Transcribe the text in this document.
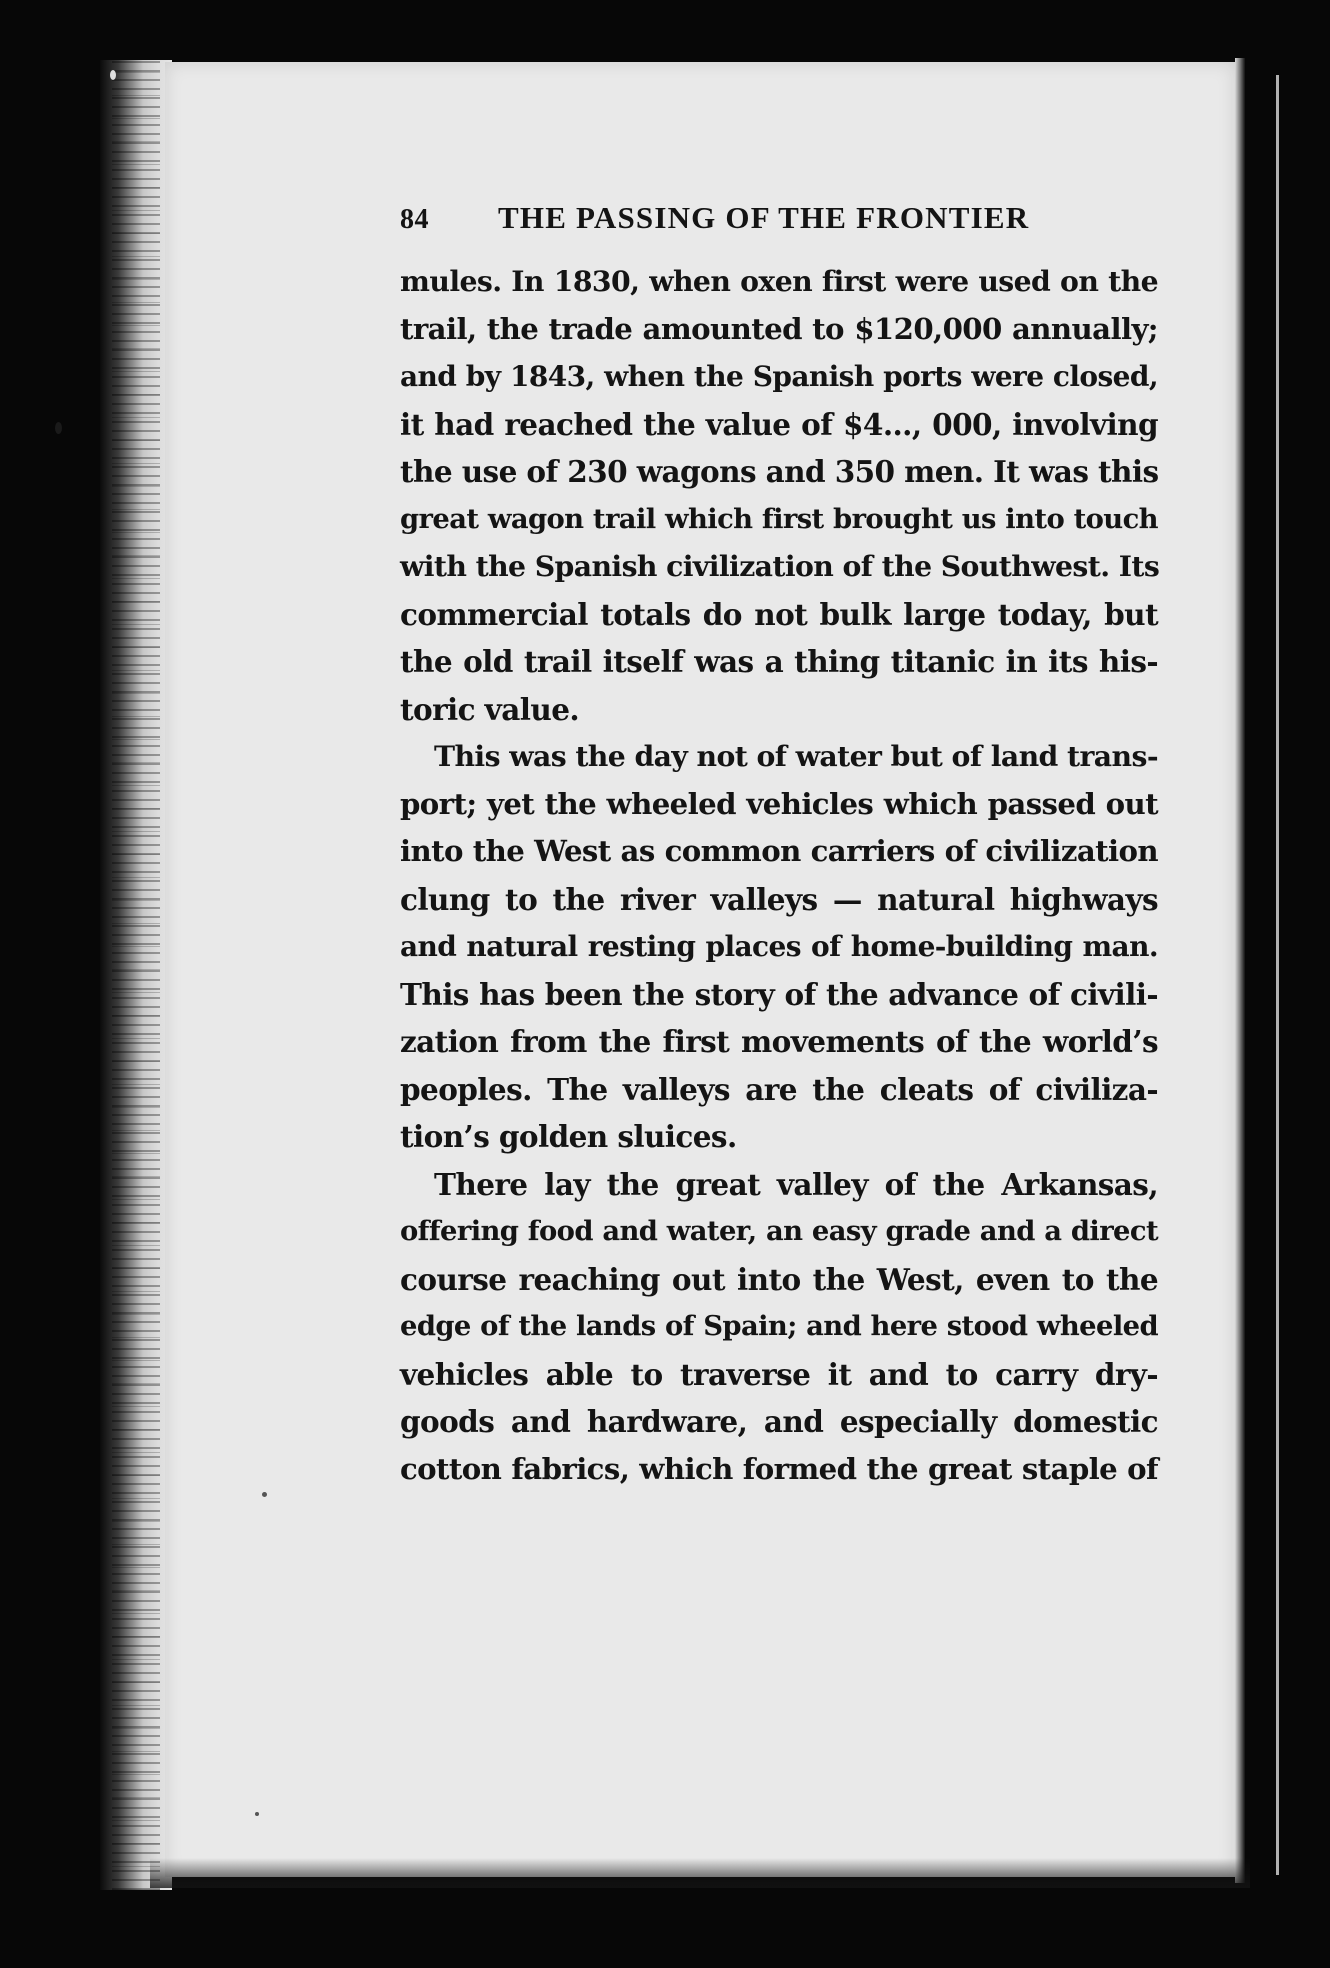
84	THE PASSING OF THE FRONTIER
mules. In 1830, when oxen first were used on the
trail, the trade amounted to $120,000 annually;
and by 1843, when the Spanish ports were closed,
it had reached the value of $4..., 000, involving
the use of 230 wagons and 350 men. It was this
great wagon trail which first brought us into touch
with the Spanish civilization of the Southwest. Its
commercial totals do not bulk large today, but
the old trail itself was a thing titanic in its his-
toric value.
This was the day not of water but of land trans-
port; yet the wheeled vehicles which passed out
into the West as common carriers of civilization
clung to the river valleys — natural highways
and natural resting places of home-building man.
This has been the story of the advance of civili-
zation from the first movements of the world’s
peoples. The valleys are the cleats of civiliza-
tion’s golden sluices.
There lay the great valley of the Arkansas,
offering food and water, an easy grade and a direct
course reaching out into the West, even to the
edge of the lands of Spain; and here stood wheeled
vehicles able to traverse it and to carry dry-
goods and hardware, and especially domestic
cotton fabrics, which formed the great staple of
